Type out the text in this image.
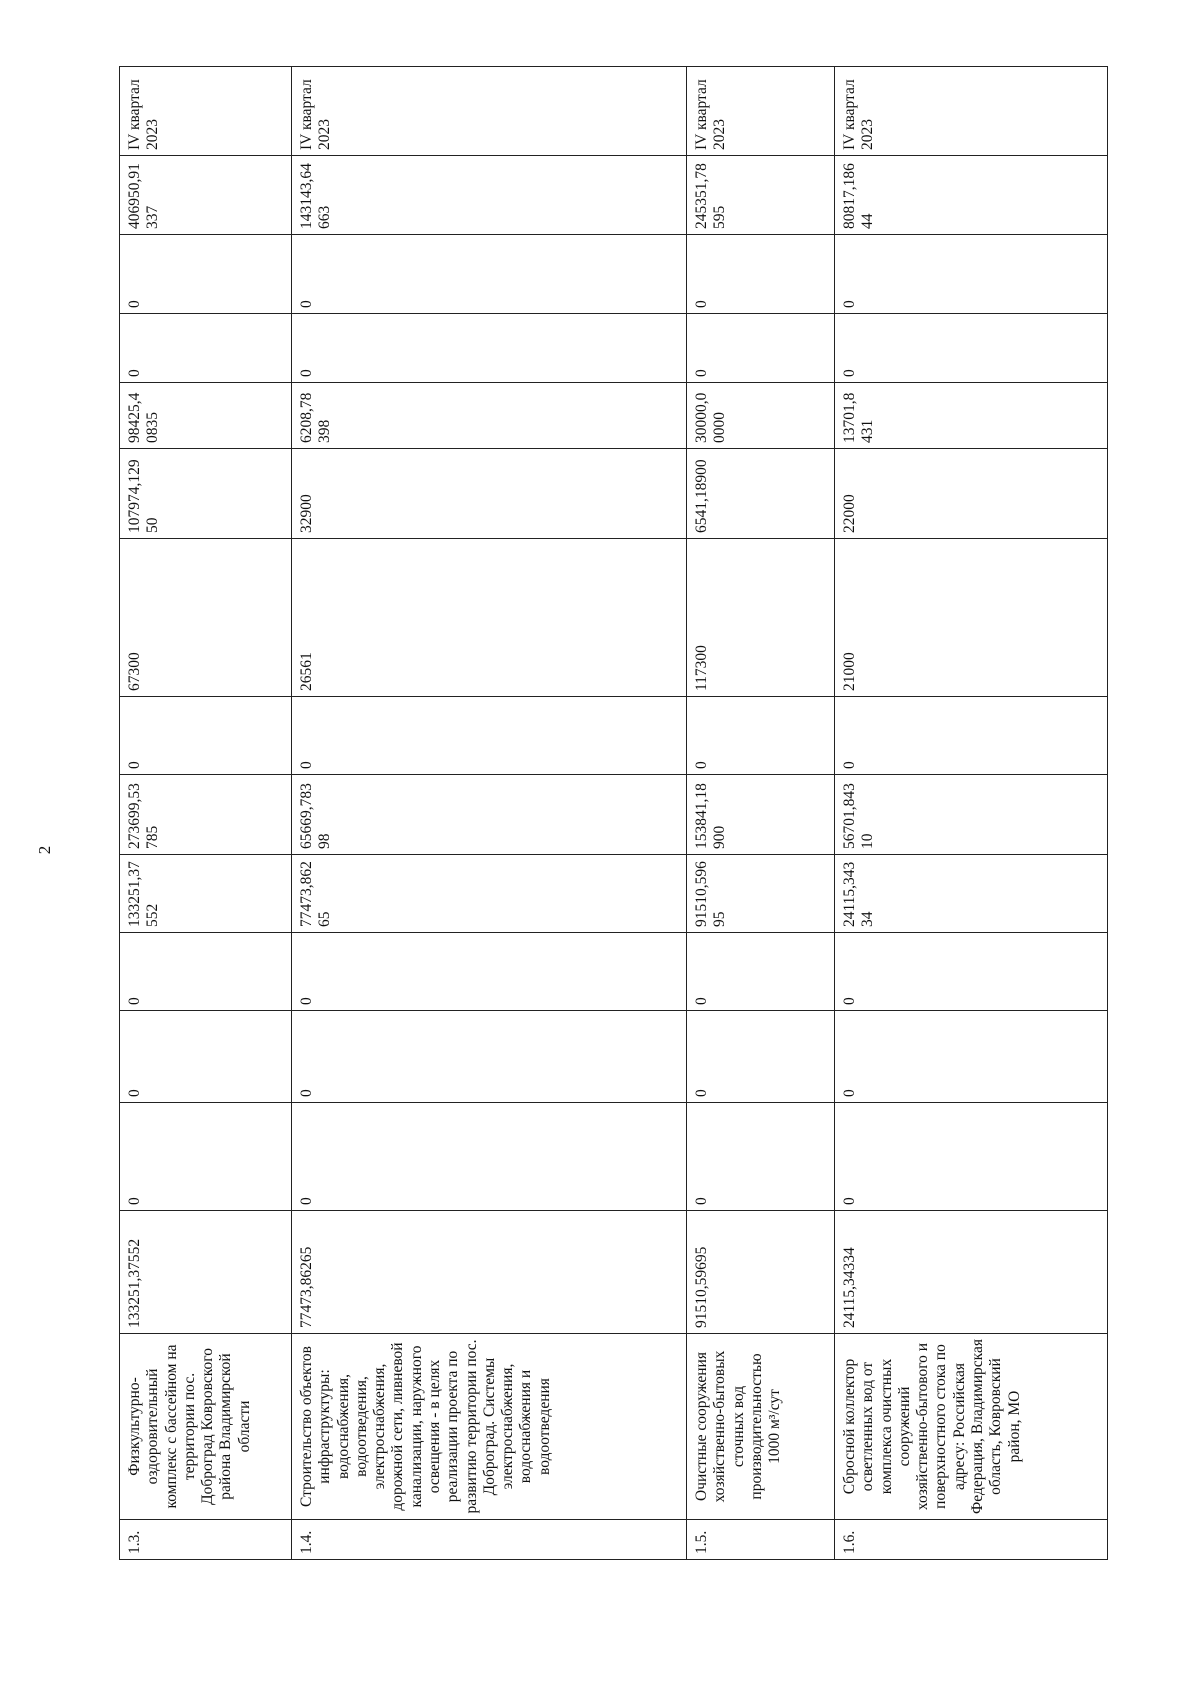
2
1.3.	Физкультурно-оздоровительный комплекс с бассейном на территории пос. Доброград Ковровского района Владимирской области	133251,37552	0	0	0	133251,37552	273699,53785	0	67300	107974,12950	98425,40835	0	0	406950,91337	IV квартал 2023
1.4.	Строительство объектов инфраструктуры: водоснабжения, водоотведения, электроснабжения, дорожной сети, ливневой канализации, наружного освещения - в целях реализации проекта по развитию территории пос. Доброград. Системы электроснабжения, водоснабжения и водоотведения	77473,86265	0	0	0	77473,86265	65669,78398	0	26561	32900	6208,78398	0	0	143143,64663	IV квартал 2023
1.5.	Очистные сооружения хозяйственно-бытовых сточных вод производительностью 1000 м³/сут	91510,59695	0	0	0	91510,59695	153841,18900	0	117300	6541,18900	30000,00000	0	0	245351,78595	IV квартал 2023
1.6.	Сбросной коллектор осветленных вод от комплекса очистных сооружений хозяйственно-бытового и поверхностного стока по адресу: Российская Федерация, Владимирская область, Ковровский район, МО	24115,34334	0	0	0	24115,34334	56701,84310	0	21000	22000	13701,8431	0	0	80817,18644	IV квартал 2023
